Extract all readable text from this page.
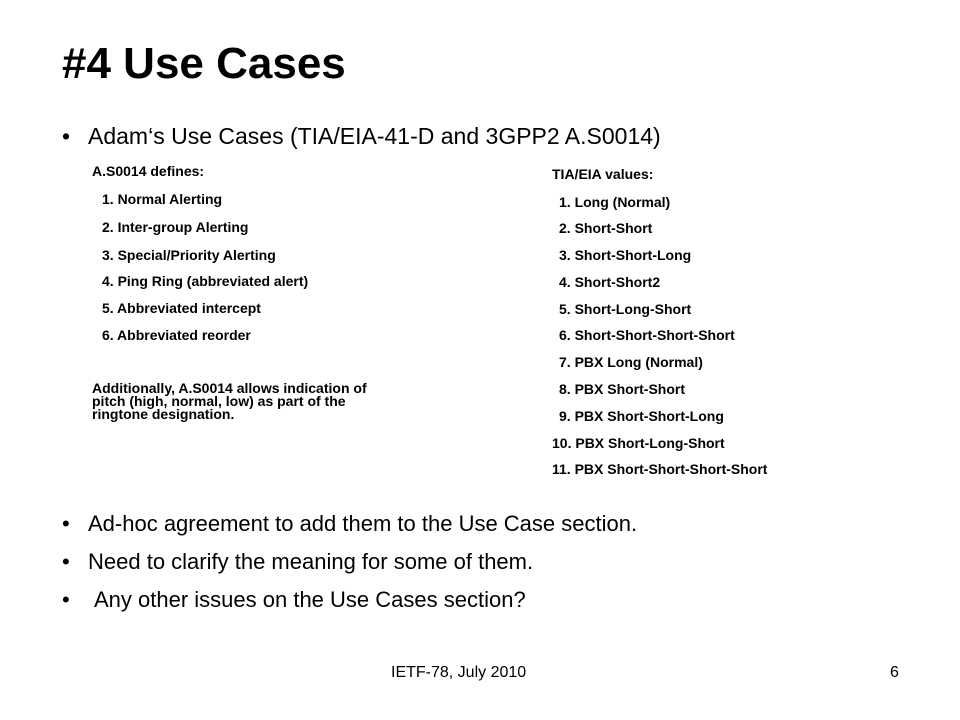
#4 Use Cases
• Adam‘s Use Cases (TIA/EIA-41-D and 3GPP2 A.S0014)
A.S0014 defines:
1. Normal Alerting
2. Inter-group Alerting
3. Special/Priority Alerting
4. Ping Ring (abbreviated alert)
5. Abbreviated intercept
6. Abbreviated reorder
Additionally, A.S0014 allows indication of pitch (high, normal, low) as part of the ringtone designation.
TIA/EIA values:
1. Long (Normal)
2. Short-Short
3. Short-Short-Long
4. Short-Short2
5. Short-Long-Short
6. Short-Short-Short-Short
7. PBX Long (Normal)
8. PBX Short-Short
9. PBX Short-Short-Long
10. PBX Short-Long-Short
11. PBX Short-Short-Short-Short
• Ad-hoc agreement to add them to the Use Case section.
• Need to clarify the meaning for some of them.
• Any other issues on the Use Cases section?
IETF-78, July 2010	6
